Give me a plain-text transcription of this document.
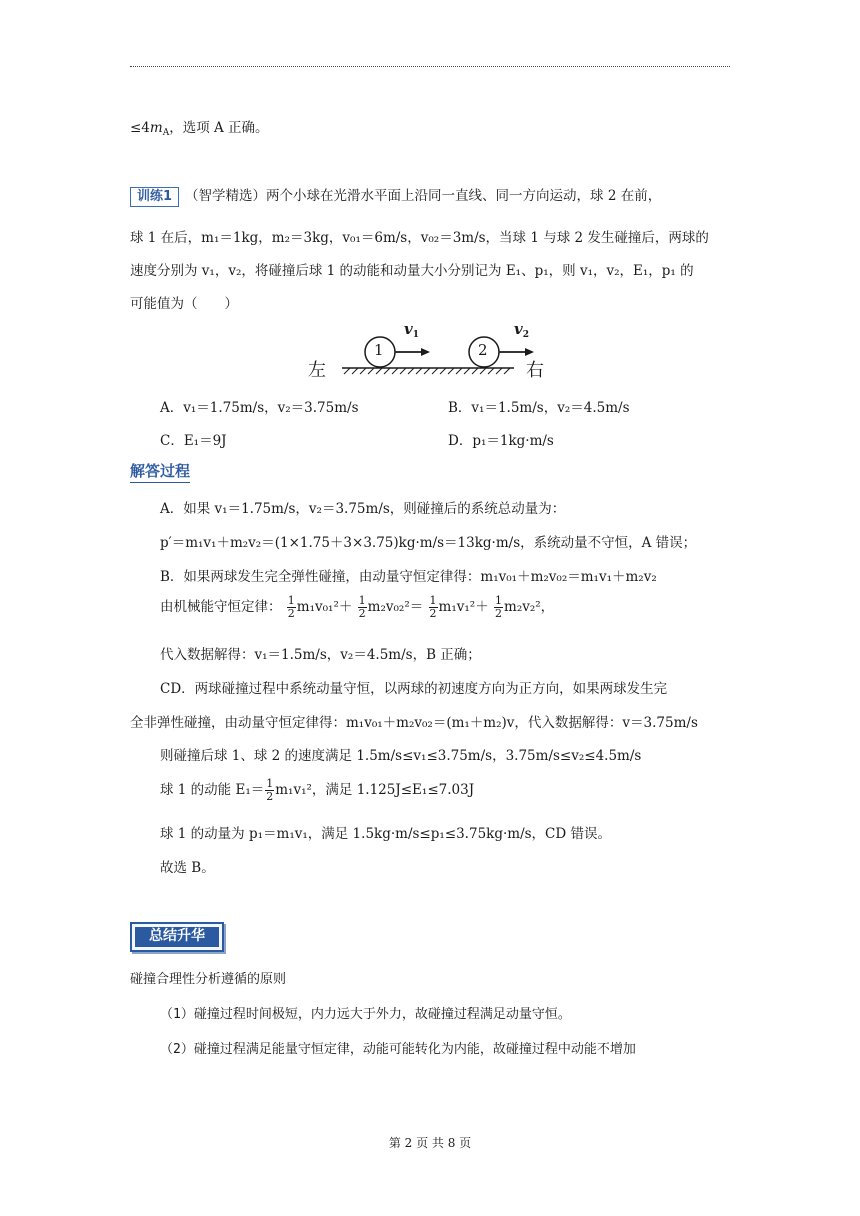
$\le 4m_A$，选项 A 正确。
训练1 （智学精选）两个小球在光滑水平面上沿同一直线、同一方向运动，球 2 在前，
球 1 在后，m₁＝1kg，m₂＝3kg，v₀₁＝6m/s，v₀₂＝3m/s，当球 1 与球 2 发生碰撞后，两球的
速度分别为 v₁，v₂，将碰撞后球 1 的动能和动量大小分别记为 E₁、p₁，则 v₁，v₂，E₁，p₁ 的
可能值为（　　）
1	2
$v_1$	$v_2$
左	右
A．v₁＝1.75m/s，v₂＝3.75m/s	B．v₁＝1.5m/s，v₂＝4.5m/s
C．E₁＝9J	D．p₁＝1kg·m/s
解答过程
A．如果 v₁＝1.75m/s，v₂＝3.75m/s，则碰撞后的系统总动量为：
p′＝m₁v₁＋m₂v₂＝(1×1.75＋3×3.75)kg·m/s＝13kg·m/s，系统动量不守恒，A 错误；
B．如果两球发生完全弹性碰撞，由动量守恒定律得：m₁v₀₁＋m₂v₀₂＝m₁v₁＋m₂v₂
由机械能守恒定律： $\frac{1}{2} m_1v_{01}^2+ \frac{1}{2} m_2v_{02}^2= \frac{1}{2} m_1v_1^2+ \frac{1}{2} m_2v_2^2$，
代入数据解得：v₁＝1.5m/s，v₂＝4.5m/s，B 正确；
CD．两球碰撞过程中系统动量守恒，以两球的初速度方向为正方向，如果两球发生完
全非弹性碰撞，由动量守恒定律得：m₁v₀₁＋m₂v₀₂＝(m₁＋m₂)v，代入数据解得：v＝3.75m/s
则碰撞后球 1、球 2 的速度满足 1.5m/s≤v₁≤3.75m/s，3.75m/s≤v₂≤4.5m/s
球 1 的动能 $E_1= \frac{1}{2} m_1v_1^2$，满足 1.125J≤E₁≤7.03J
球 1 的动量为 p₁＝m₁v₁，满足 1.5kg·m/s≤p₁≤3.75kg·m/s，CD 错误。
故选 B。
总结升华
碰撞合理性分析遵循的原则
（1）碰撞过程时间极短，内力远大于外力，故碰撞过程满足动量守恒。
（2）碰撞过程满足能量守恒定律，动能可能转化为内能，故碰撞过程中动能不增加
第 2 页 共 8 页
